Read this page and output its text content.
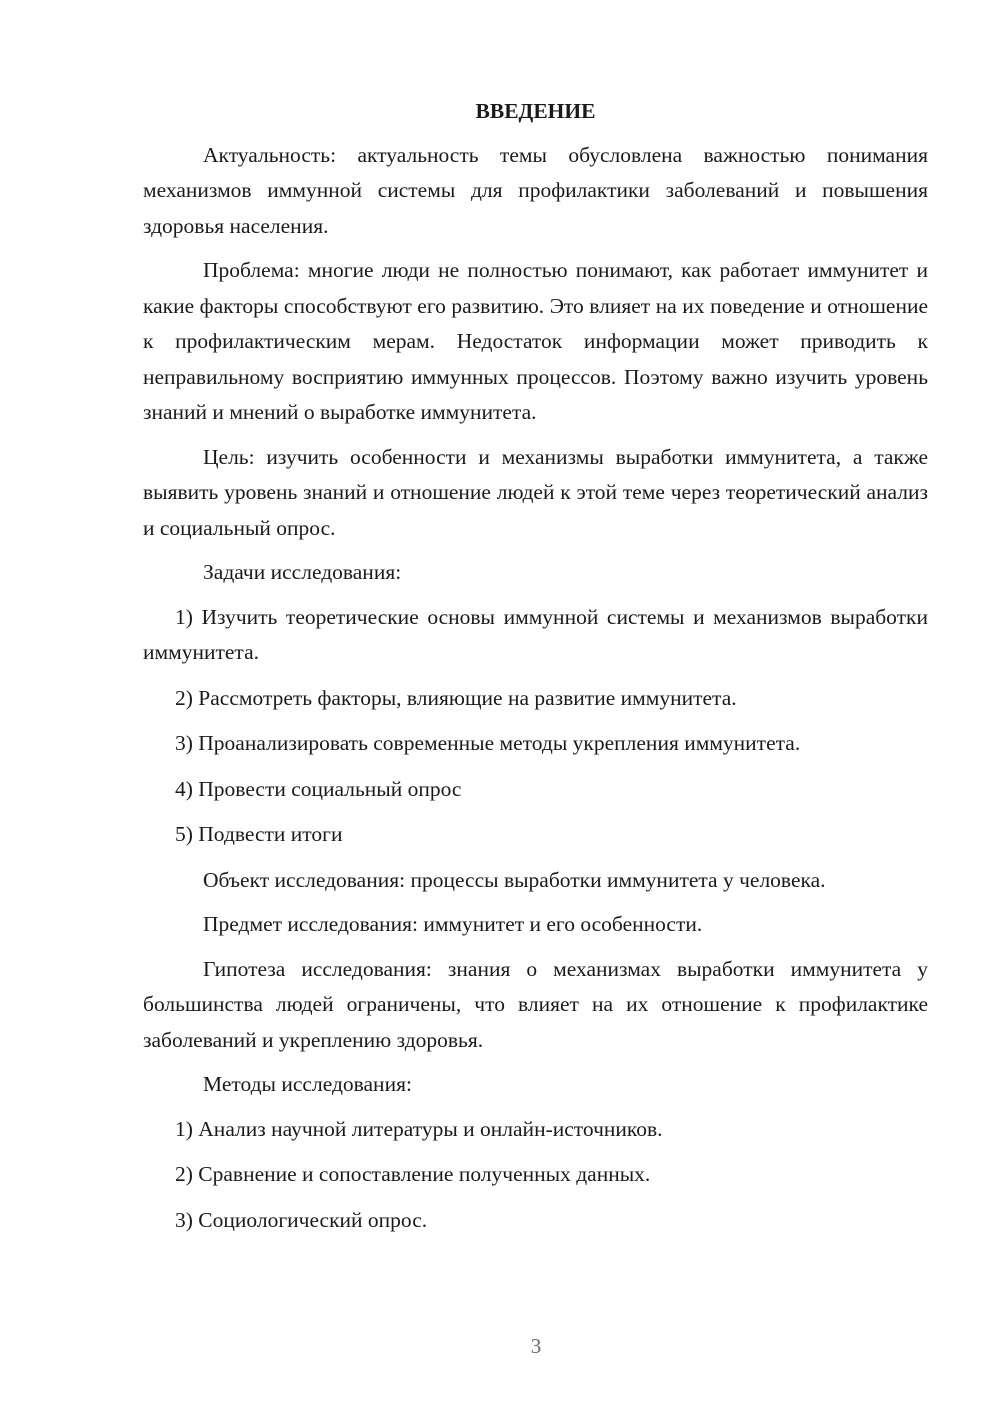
ВВЕДЕНИЕ

Актуальность: актуальность темы обусловлена важностью понимания механизмов иммунной системы для профилактики заболеваний и повышения здоровья населения.

Проблема: многие люди не полностью понимают, как работает иммунитет и какие факторы способствуют его развитию. Это влияет на их поведение и отношение к профилактическим мерам. Недостаток информации может приводить к неправильному восприятию иммунных процессов. Поэтому важно изучить уровень знаний и мнений о выработке иммунитета.

Цель: изучить особенности и механизмы выработки иммунитета, а также выявить уровень знаний и отношение людей к этой теме через теоретический анализ и социальный опрос.

Задачи исследования:

1) Изучить теоретические основы иммунной системы и механизмов выработки иммунитета.

2) Рассмотреть факторы, влияющие на развитие иммунитета.

3) Проанализировать современные методы укрепления иммунитета.

4) Провести социальный опрос

5) Подвести итоги

Объект исследования: процессы выработки иммунитета у человека.

Предмет исследования: иммунитет и его особенности.

Гипотеза исследования: знания о механизмах выработки иммунитета у большинства людей ограничены, что влияет на их отношение к профилактике заболеваний и укреплению здоровья.

Методы исследования:

1) Анализ научной литературы и онлайн-источников.

2) Сравнение и сопоставление полученных данных.

3) Социологический опрос.

3
